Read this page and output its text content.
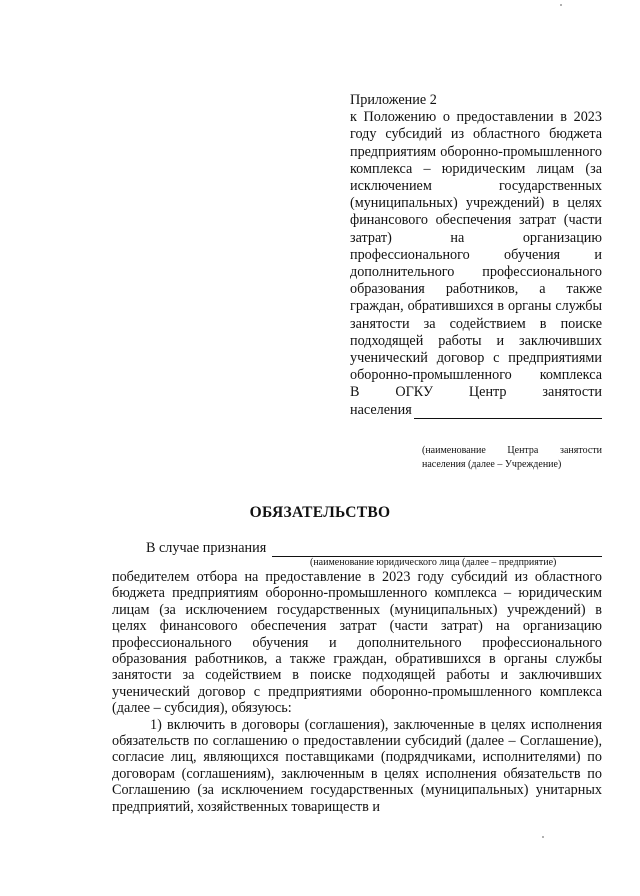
Приложение 2
к Положению о предоставлении в 2023 году субсидий из областного бюджета предприятиям оборонно-промышленного комплекса – юридическим лицам (за исключением государственных (муниципальных) учреждений) в целях финансового обеспечения затрат (части затрат) на организацию профессионального обучения и дополнительного профессионального образования работников, а также граждан, обратившихся в органы службы занятости за содействием в поиске подходящей работы и заключивших ученический договор с предприятиями оборонно-промышленного комплекса
В ОГКУ Центр занятости
населения
(наименование Центра занятости населения (далее – Учреждение)
ОБЯЗАТЕЛЬСТВО
В случае признания
(наименование юридического лица (далее – предприятие)

победителем отбора на предоставление в 2023 году субсидий из областного бюджета предприятиям оборонно-промышленного комплекса – юридическим лицам (за исключением государственных (муниципальных) учреждений) в целях финансового обеспечения затрат (части затрат) на организацию профессионального обучения и дополнительного профессионального образования работников, а также граждан, обратившихся в органы службы занятости за содействием в поиске подходящей работы и заключивших ученический договор с предприятиями оборонно-промышленного комплекса (далее – субсидия), обязуюсь:

1) включить в договоры (соглашения), заключенные в целях исполнения обязательств по соглашению о предоставлении субсидий (далее – Соглашение), согласие лиц, являющихся поставщиками (подрядчиками, исполнителями) по договорам (соглашениям), заключенным в целях исполнения обязательств по Соглашению (за исключением государственных (муниципальных) унитарных предприятий, хозяйственных товариществ и
